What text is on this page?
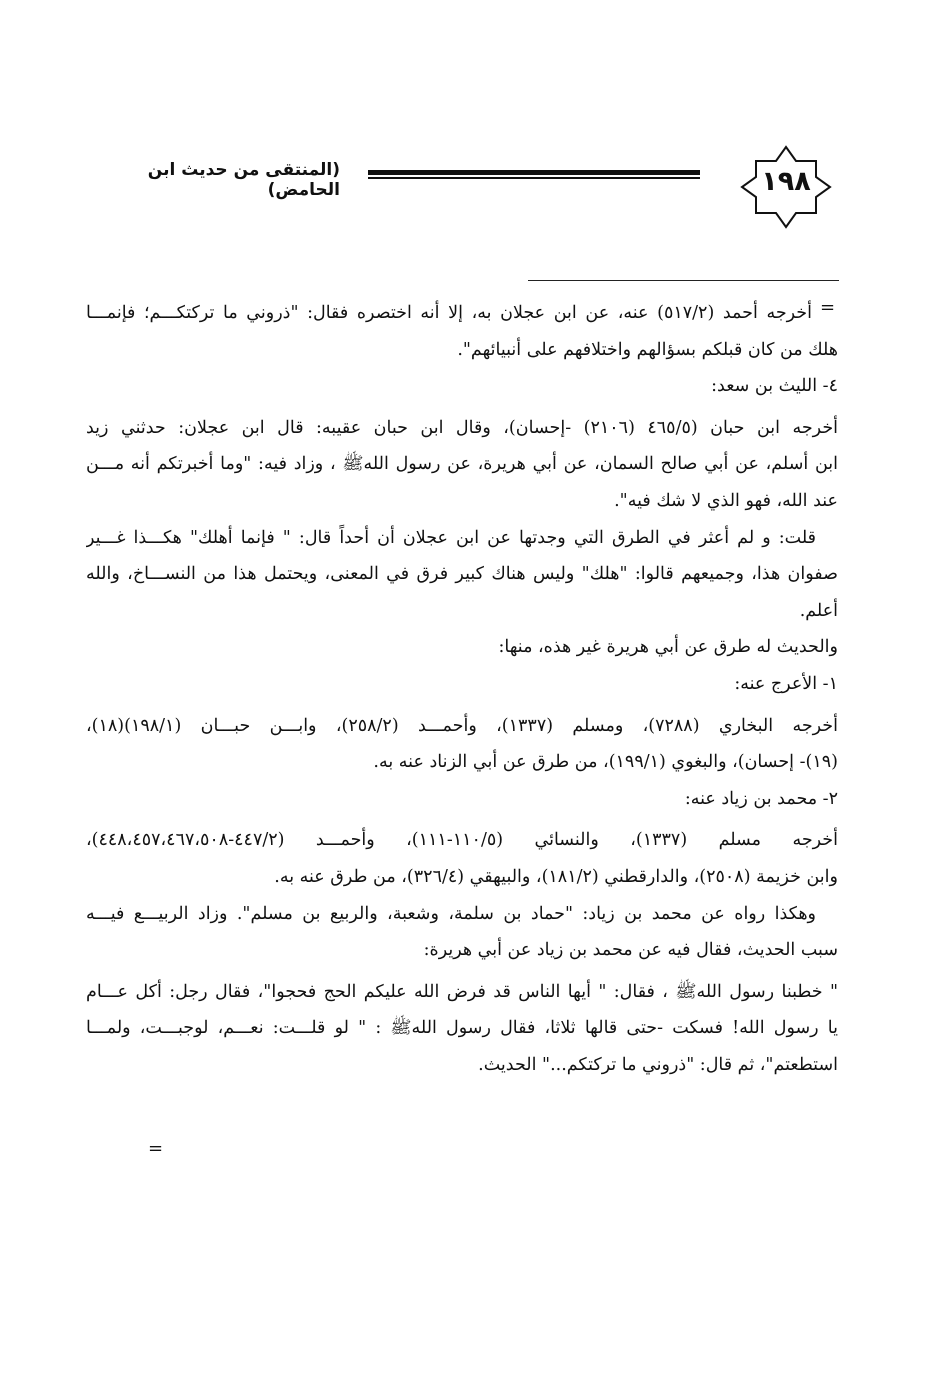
١٩٨
(المنتقى من حديث ابن الحامض)
=
أخرجه أحمد (٥١٧/٢) عنه، عن ابن عجلان به، إلا أنه اختصره فقال: "ذروني ما تركتكـــم؛ فإنمـــا
هلك من كان قبلكم بسؤالهم واختلافهم على أنبيائهم".
٤- الليث بن سعد:
أخرجه ابن حبان (٤٦٥/٥ (٢١٠٦) -إحسان)، وقال ابن حبان عقيبه: قال ابن عجلان: حدثني زيد
ابن أسلم، عن أبي صالح السمان، عن أبي هريرة، عن رسول اللهﷺ ، وزاد فيه: "وما أخبرتكم أنه مـــن
عند الله، فهو الذي لا شك فيه".
قلت: و لم أعثر في الطرق التي وجدتها عن ابن عجلان أن أحداً قال: " فإنما أهلك" هكـــذا غـــير
صفوان هذا، وجميعهم قالوا: "هلك" وليس هناك كبير فرق في المعنى، ويحتمل هذا من النســـاخ، والله
أعلم.
والحديث له طرق عن أبي هريرة غير هذه، منها:
١- الأعرج عنه:
أخرجه البخاري (٧٢٨٨)، ومسلم (١٣٣٧)، وأحمـــد (٢٥٨/٢)، وابـــن حبـــان (١٩٨/١)(١٨)،
(١٩)- إحسان)، والبغوي (١٩٩/١)، من طرق عن أبي الزناد عنه به.
٢- محمد بن زياد عنه:
أخرجه مسلم (١٣٣٧)، والنسائي (١١٠/٥-١١١)، وأحمـــد (٤٤٧/٢-٤٤٨،٤٥٧،٤٦٧،٥٠٨)،
وابن خزيمة (٢٥٠٨)، والدارقطني (١٨١/٢)، والبيهقي (٣٢٦/٤)، من طرق عنه به.
وهكذا رواه عن محمد بن زياد: "حماد بن سلمة، وشعبة، والربيع بن مسلم". وزاد الربيـــع فيـــه
سبب الحديث، فقال فيه عن محمد بن زياد عن أبي هريرة:
" خطبنا رسول اللهﷺ ، فقال: " أيها الناس قد فرض الله عليكم الحج فحجوا"، فقال رجل: أكل عـــام
يا رسول الله! فسكت -حتى قالها ثلاثا، فقال رسول اللهﷺ : " لو قلـــت: نعـــم، لوجبـــت، ولمـــا
استطعتم"، ثم قال: "ذروني ما تركتكم..." الحديث.
=
